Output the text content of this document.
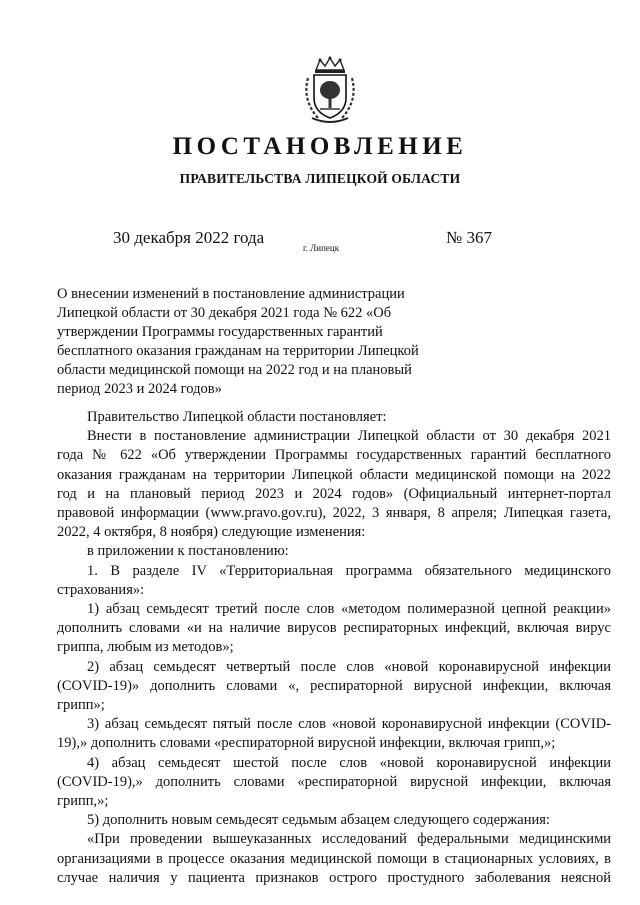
ПОСТАНОВЛЕНИЕ
ПРАВИТЕЛЬСТВА ЛИПЕЦКОЙ ОБЛАСТИ
30 декабря 2022 года
г. Липецк
№ 367
О внесении изменений в постановление администрации
Липецкой области от 30 декабря 2021 года № 622 «Об
утверждении Программы государственных гарантий
бесплатного оказания гражданам на территории Липецкой
области медицинской помощи на 2022 год и на плановый
период 2023 и 2024 годов»

Правительство Липецкой области постановляет:

Внести в постановление администрации Липецкой области от 30 декабря 2021

года № 622 «Об утверждении Программы государственных гарантий бесплатного

оказания гражданам на территории Липецкой области медицинской помощи на 2022

год и на плановый период 2023 и 2024 годов» (Официальный интернет-портал

правовой информации (www.pravo.gov.ru), 2022, 3 января, 8 апреля; Липецкая газета,

2022, 4 октября, 8 ноября) следующие изменения:

в приложении к постановлению:

1. В разделе IV «Территориальная программа обязательного медицинского

страхования»:

1) абзац семьдесят третий после слов «методом полимеразной цепной реакции»

дополнить словами «и на наличие вирусов респираторных инфекций, включая вирус

гриппа, любым из методов»;

2) абзац семьдесят четвертый после слов «новой коронавирусной инфекции

(COVID-19)» дополнить словами «, респираторной вирусной инфекции, включая

грипп»;

3) абзац семьдесят пятый после слов «новой коронавирусной инфекции (COVID-

19),» дополнить словами «респираторной вирусной инфекции, включая грипп,»;

4) абзац семьдесят шестой после слов «новой коронавирусной инфекции

(COVID-19),» дополнить словами «респираторной вирусной инфекции, включая

грипп,»;

5) дополнить новым семьдесят седьмым абзацем следующего содержания:

«При проведении вышеуказанных исследований федеральными медицинскими

организациями в процессе оказания медицинской помощи в стационарных условиях, в

случае наличия у пациента признаков острого простудного заболевания неясной
